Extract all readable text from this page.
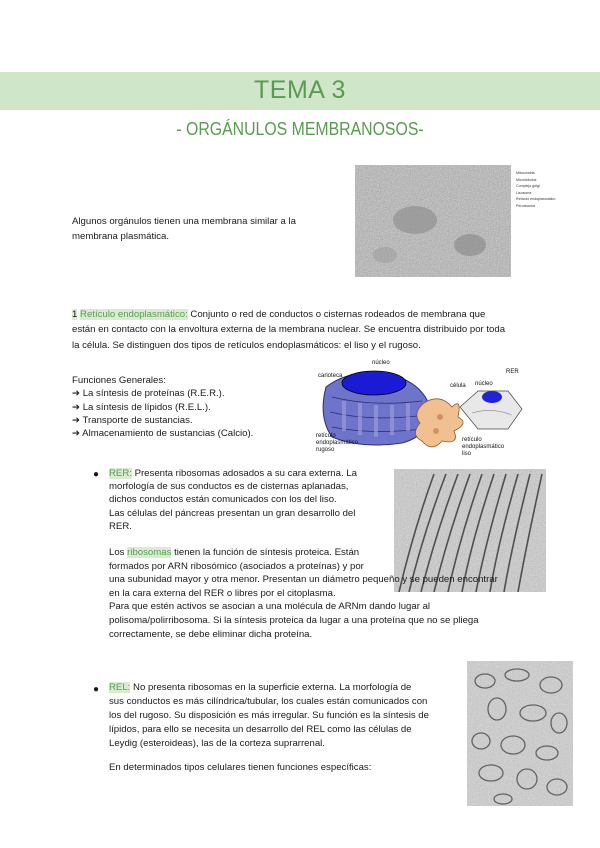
TEMA 3
- ORGÁNULOS MEMBRANOSOS-
Mitocondria
Microtúbulos
Complejo golgi
Lisosoma
Retículo endoplasmático
Peroxisoma
Algunos orgánulos tienen una membrana similar a la
membrana plasmática.
1 Retículo endoplasmático: Conjunto o red de conductos o cisternas rodeados de membrana que
están en contacto con la envoltura externa de la membrana nuclear. Se encuentra distribuido por toda
la célula. Se distinguen dos tipos de retículos endoplasmáticos: el liso y el rugoso.
Funciones Generales:
➔ La síntesis de proteínas (R.E.R.).
➔ La síntesis de lípidos (R.E.L.).
➔ Transporte de sustancias.
➔ Almacenamiento de sustancias (Calcio).
núcleo
carioteca
retículo
endoplasmático
rugoso
RER
célula núcleo
retículo
endoplasmático
liso
● RER: Presenta ribosomas adosados a su cara externa. La
morfología de sus conductos es de cisternas aplanadas,
dichos conductos están comunicados con los del liso.
Las células del páncreas presentan un gran desarrollo del
RER.
Los ribosomas tienen la función de síntesis proteica. Están
formados por ARN ribosómico (asociados a proteínas) y por
una subunidad mayor y otra menor. Presentan un diámetro pequeño y se pueden encontrar
en la cara externa del RER o libres por el citoplasma.
Para que estén activos se asocian a una molécula de ARNm dando lugar al
polisoma/polirribosoma. Si la síntesis proteica da lugar a una proteína que no se pliega
correctamente, se debe eliminar dicha proteína.
● REL: No presenta ribosomas en la superficie externa. La morfología de
sus conductos es más cilíndrica/tubular, los cuales están comunicados con
los del rugoso. Su disposición es más irregular. Su función es la síntesis de
lípidos, para ello se necesita un desarrollo del REL como las células de
Leydig (esteroideas), las de la corteza suprarrenal.
En determinados tipos celulares tienen funciones específicas:
